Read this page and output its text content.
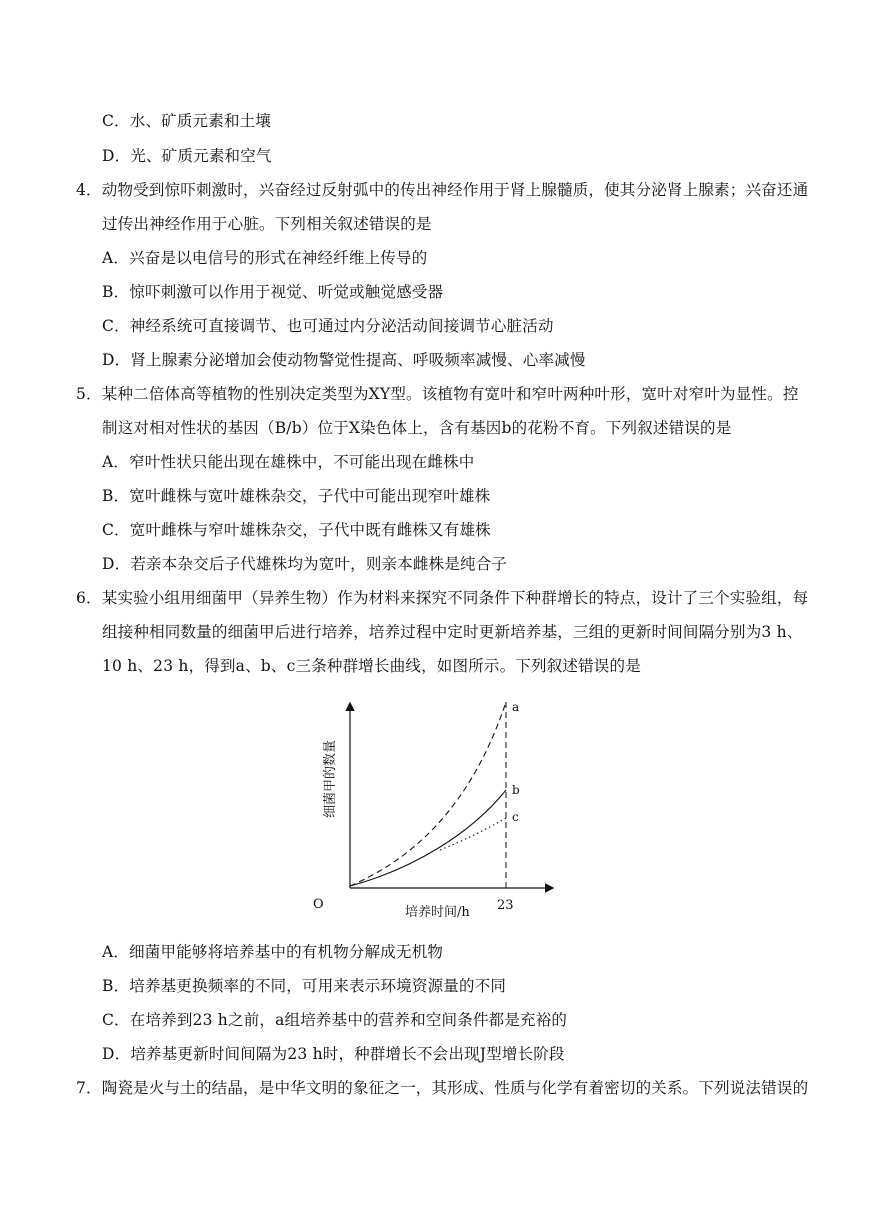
C．水、矿质元素和土壤
D．光、矿质元素和空气
4．动物受到惊吓刺激时，兴奋经过反射弧中的传出神经作用于肾上腺髓质，使其分泌肾上腺素；兴奋还通
过传出神经作用于心脏。下列相关叙述错误的是
A．兴奋是以电信号的形式在神经纤维上传导的
B．惊吓刺激可以作用于视觉、听觉或触觉感受器
C．神经系统可直接调节、也可通过内分泌活动间接调节心脏活动
D．肾上腺素分泌增加会使动物警觉性提高、呼吸频率减慢、心率减慢
5．某种二倍体高等植物的性别决定类型为XY型。该植物有宽叶和窄叶两种叶形，宽叶对窄叶为显性。控
制这对相对性状的基因（B/b）位于X染色体上，含有基因b的花粉不育。下列叙述错误的是
A．窄叶性状只能出现在雄株中，不可能出现在雌株中
B．宽叶雌株与宽叶雄株杂交，子代中可能出现窄叶雄株
C．宽叶雌株与窄叶雄株杂交，子代中既有雌株又有雄株
D．若亲本杂交后子代雄株均为宽叶，则亲本雌株是纯合子
6．某实验小组用细菌甲（异养生物）作为材料来探究不同条件下种群增长的特点，设计了三个实验组，每
组接种相同数量的细菌甲后进行培养，培养过程中定时更新培养基，三组的更新时间间隔分别为3 h、
10 h、23 h，得到a、b、c三条种群增长曲线，如图所示。下列叙述错误的是
a
b
c
O	23
培养时间/h
细菌甲的数量
A．细菌甲能够将培养基中的有机物分解成无机物
B．培养基更换频率的不同，可用来表示环境资源量的不同
C．在培养到23 h之前，a组培养基中的营养和空间条件都是充裕的
D．培养基更新时间间隔为23 h时，种群增长不会出现J型增长阶段
7．陶瓷是火与土的结晶，是中华文明的象征之一，其形成、性质与化学有着密切的关系。下列说法错误的
